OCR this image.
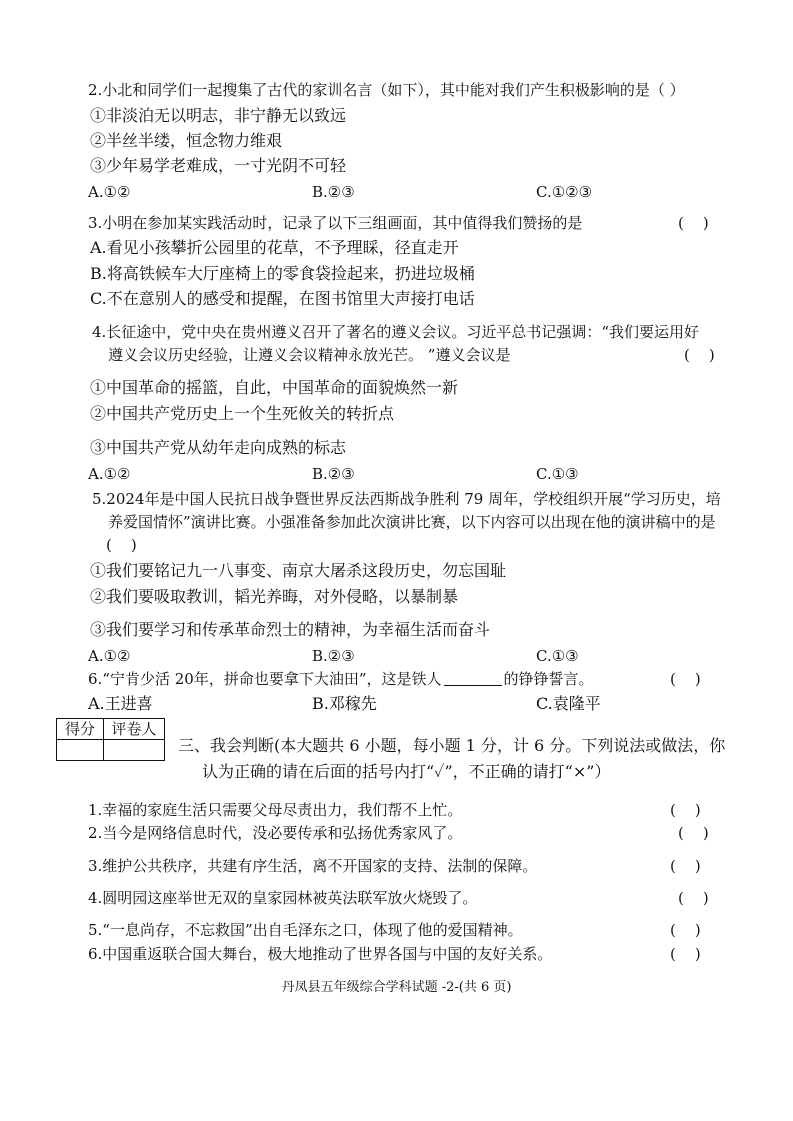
2.小北和同学们一起搜集了古代的家训名言（如下），其中能对我们产生积极影响的是（ ）
①非淡泊无以明志，非宁静无以致远
②半丝半缕，恒念物力维艰
③少年易学老难成，一寸光阴不可轻
A.①②	B.②③	C.①②③
3.小明在参加某实践活动时，记录了以下三组画面，其中值得我们赞扬的是	(    )
A.看见小孩攀折公园里的花草，不予理睬，径直走开
B.将高铁候车大厅座椅上的零食袋捡起来，扔进垃圾桶
C.不在意别人的感受和提醒，在图书馆里大声接打电话
4.长征途中，党中央在贵州遵义召开了著名的遵义会议。习近平总书记强调：“我们要运用好
遵义会议历史经验，让遵义会议精神永放光芒。 ”遵义会议是	(    )
①中国革命的摇篮，自此，中国革命的面貌焕然一新
②中国共产党历史上一个生死攸关的转折点
③中国共产党从幼年走向成熟的标志
A.①②	B.②③	C.①③
5.2024年是中国人民抗日战争暨世界反法西斯战争胜利 79 周年，学校组织开展“学习历史，培
养爱国情怀”演讲比赛。小强准备参加此次演讲比赛，以下内容可以出现在他的演讲稿中的是
(    )
①我们要铭记九一八事变、南京大屠杀这段历史，勿忘国耻
②我们要吸取教训，韬光养晦，对外侵略，以暴制暴
③我们要学习和传承革命烈士的精神，为幸福生活而奋斗
A.①②	B.②③	C.①③
6.“宁肯少活 20年，拼命也要拿下大油田”，这是铁人	的铮铮誓言。	(    )
A.王进喜	B.邓稼先	C.袁隆平
得分	评卷人

三、我会判断(本大题共 6 小题，每小题 1 分，计 6 分。下列说法或做法，你
认为正确的请在后面的括号内打“✓”，不正确的请打“×”）
1.幸福的家庭生活只需要父母尽责出力，我们帮不上忙。	(    )
2.当今是网络信息时代，没必要传承和弘扬优秀家风了。	(    )
3.维护公共秩序，共建有序生活，离不开国家的支持、法制的保障。	(    )
4.圆明园这座举世无双的皇家园林被英法联军放火烧毁了。	(    )
5.“一息尚存，不忘救国”出自毛泽东之口，体现了他的爱国精神。	(    )
6.中国重返联合国大舞台，极大地推动了世界各国与中国的友好关系。	(    )
丹凤县五年级综合学科试题 -2-(共 6 页)
